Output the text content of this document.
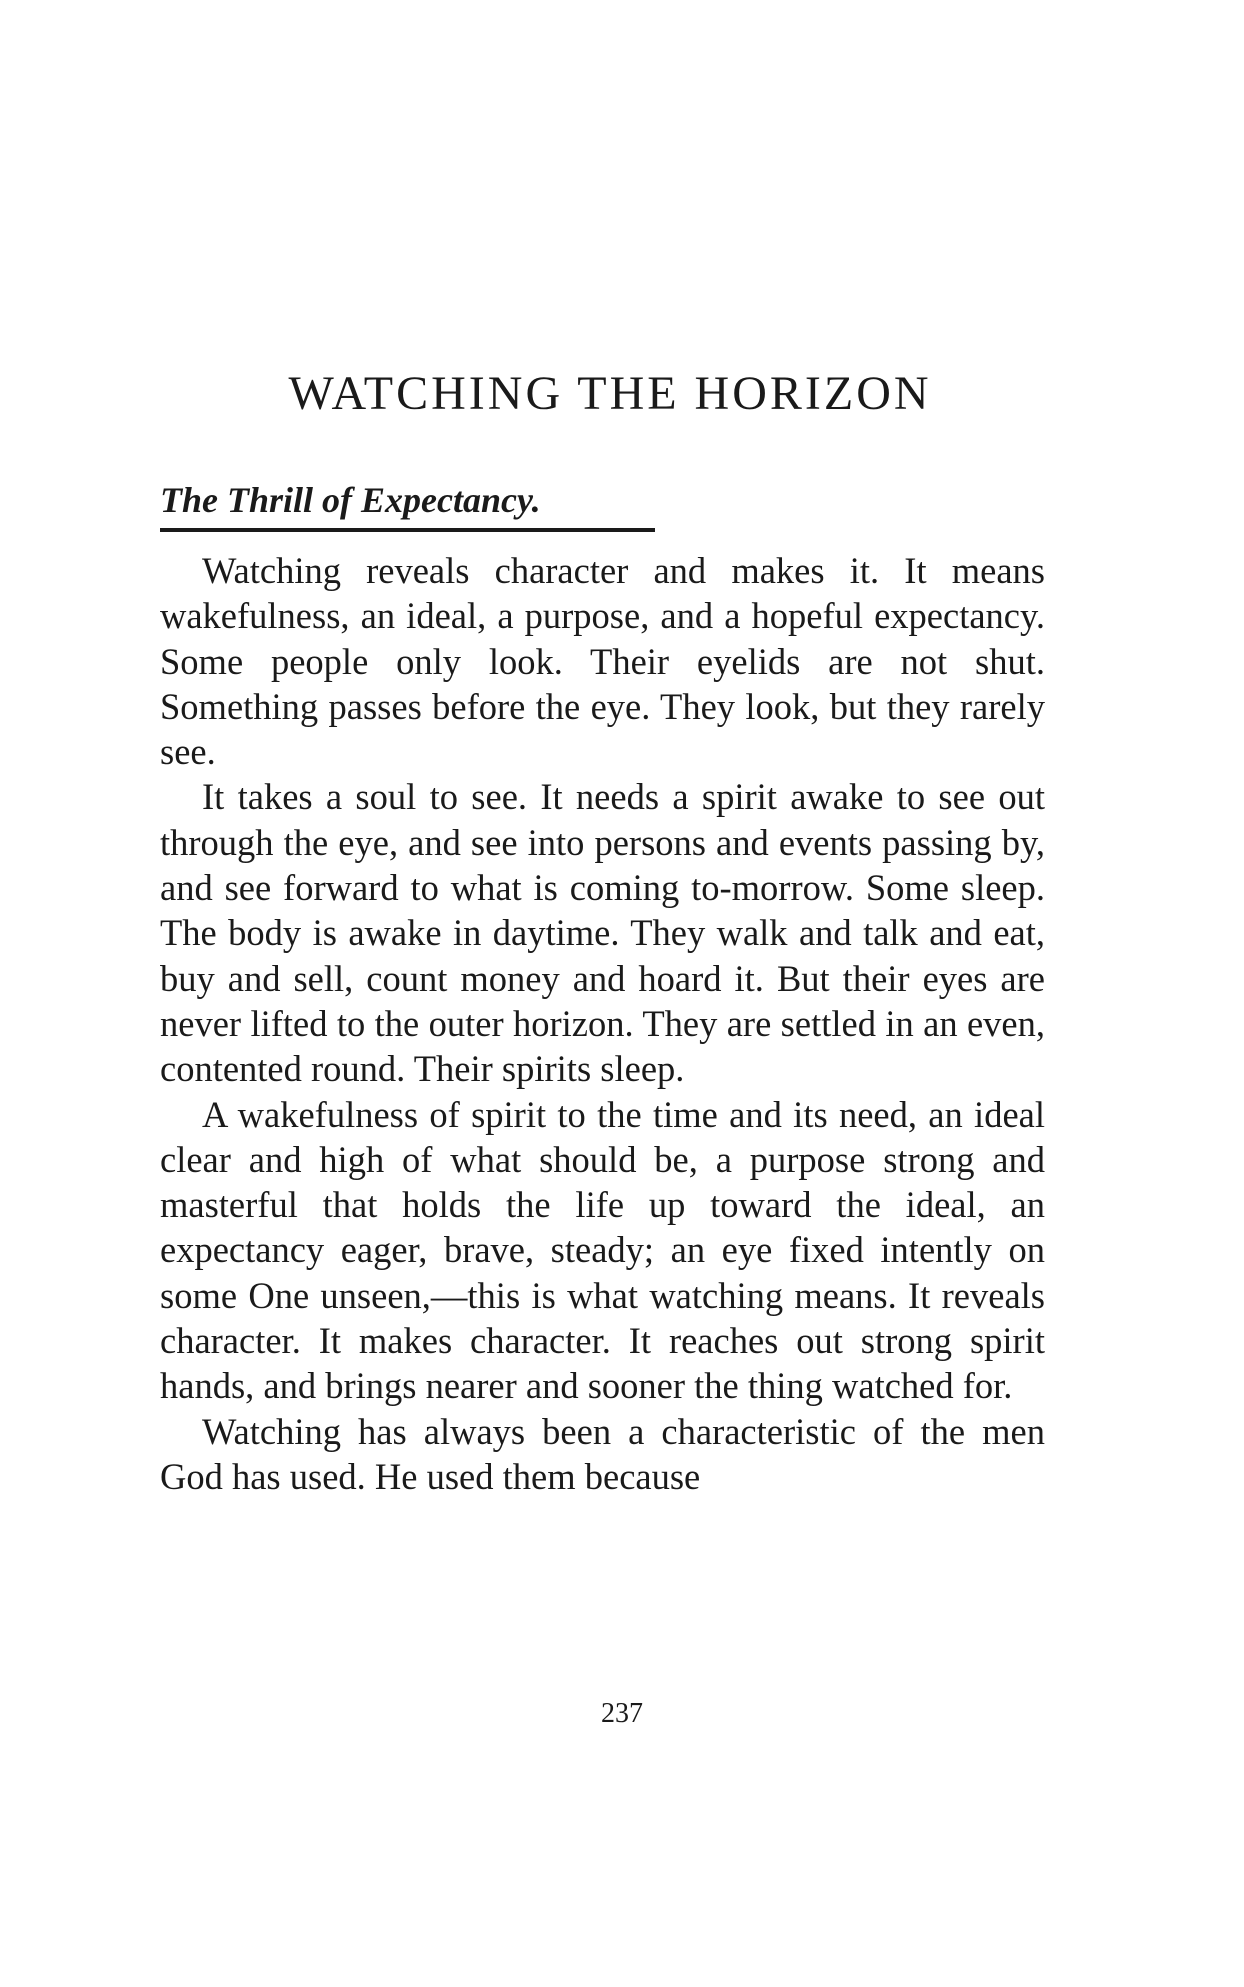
WATCHING THE HORIZON
The Thrill of Expectancy.

Watching reveals character and makes it. It means wakefulness, an ideal, a purpose, and a hopeful expectancy. Some people only look. Their eyelids are not shut. Something passes before the eye. They look, but they rarely see.

It takes a soul to see. It needs a spirit awake to see out through the eye, and see into persons and events passing by, and see forward to what is coming to-morrow. Some sleep. The body is awake in daytime. They walk and talk and eat, buy and sell, count money and hoard it. But their eyes are never lifted to the outer horizon. They are settled in an even, contented round. Their spirits sleep.

A wakefulness of spirit to the time and its need, an ideal clear and high of what should be, a purpose strong and masterful that holds the life up toward the ideal, an expectancy eager, brave, steady; an eye fixed intently on some One unseen,—this is what watching means. It reveals character. It makes character. It reaches out strong spirit hands, and brings nearer and sooner the thing watched for.

Watching has always been a characteristic of the men God has used. He used them because

237
